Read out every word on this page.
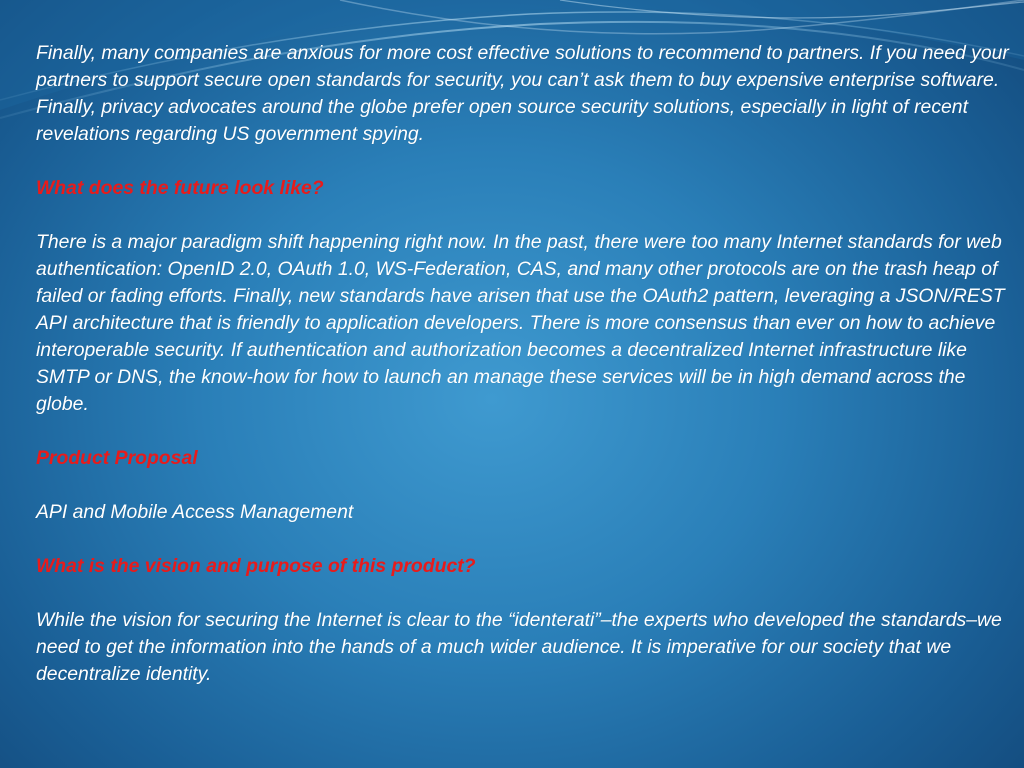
Finally, many companies are anxious for more cost effective solutions to recommend to partners. If you need your partners to support secure open standards for security, you can’t ask them to buy expensive enterprise software. Finally, privacy advocates around the globe prefer open source security solutions, especially in light of recent revelations regarding US government spying.

What does the future look like?

There is a major paradigm shift happening right now. In the past, there were too many Internet standards for web authentication: OpenID 2.0, OAuth 1.0, WS-Federation, CAS, and many other protocols are on the trash heap of failed or fading efforts. Finally, new standards have arisen that use the OAuth2 pattern, leveraging a JSON/REST API architecture that is friendly to application developers. There is more consensus than ever on how to achieve interoperable security. If authentication and authorization becomes a decentralized Internet infrastructure like SMTP or DNS, the know-how for how to launch an manage these services will be in high demand across the globe.

Product Proposal

API and Mobile Access Management

What is the vision and purpose of this product?

While the vision for securing the Internet is clear to the “identerati”–the experts who developed the standards–we need to get the information into the hands of a much wider audience. It is imperative for our society that we decentralize identity.
